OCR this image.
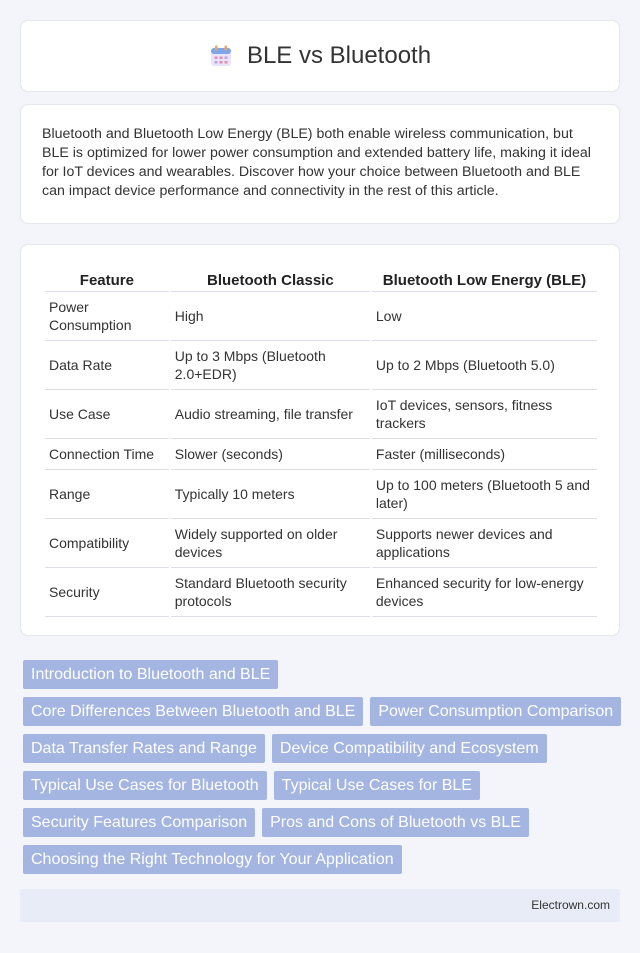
BLE vs Bluetooth

Bluetooth and Bluetooth Low Energy (BLE) both enable wireless communication, but BLE is optimized for lower power consumption and extended battery life, making it ideal for IoT devices and wearables. Discover how your choice between Bluetooth and BLE can impact device performance and connectivity in the rest of this article.

Feature	Bluetooth Classic	Bluetooth Low Energy (BLE)
Power Consumption	High	Low
Data Rate	Up to 3 Mbps (Bluetooth 2.0+EDR)	Up to 2 Mbps (Bluetooth 5.0)
Use Case	Audio streaming, file transfer	IoT devices, sensors, fitness trackers
Connection Time	Slower (seconds)	Faster (milliseconds)
Range	Typically 10 meters	Up to 100 meters (Bluetooth 5 and later)
Compatibility	Widely supported on older devices	Supports newer devices and applications
Security	Standard Bluetooth security protocols	Enhanced security for low-energy devices
Introduction to Bluetooth and BLE
Core Differences Between Bluetooth and BLE	Power Consumption Comparison
Data Transfer Rates and Range	Device Compatibility and Ecosystem
Typical Use Cases for Bluetooth	Typical Use Cases for BLE
Security Features Comparison	Pros and Cons of Bluetooth vs BLE
Choosing the Right Technology for Your Application
Electrown.com
